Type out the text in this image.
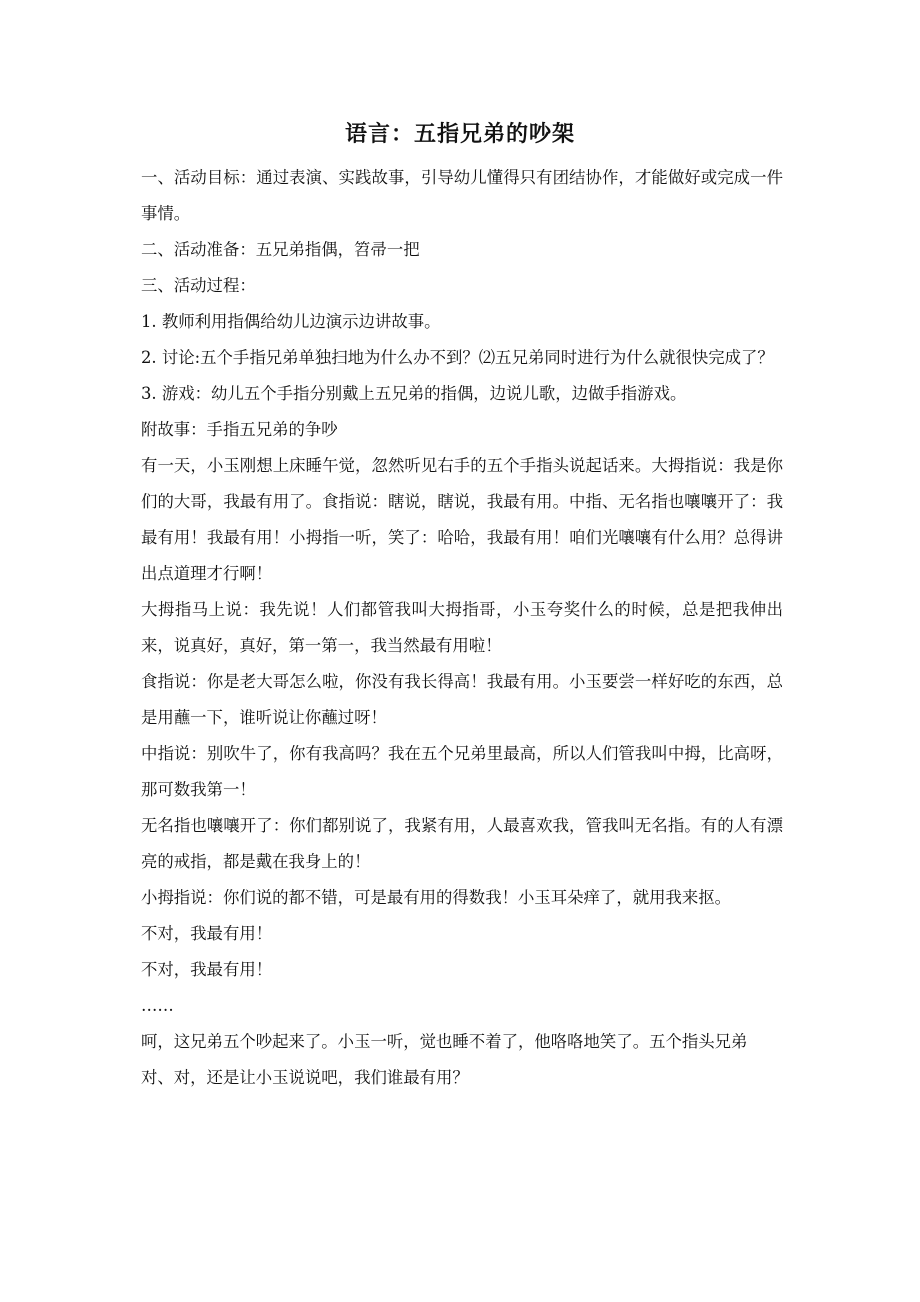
语言：五指兄弟的吵架

一、活动目标：通过表演、实践故事，引导幼儿懂得只有团结协作，才能做好或完成一件事情。

二、活动准备：五兄弟指偶，笤帚一把

三、活动过程：

1. 教师利用指偶给幼儿边演示边讲故事。

2. 讨论:五个手指兄弟单独扫地为什么办不到？⑵五兄弟同时进行为什么就很快完成了？

3. 游戏：幼儿五个手指分别戴上五兄弟的指偶，边说儿歌，边做手指游戏。

附故事：手指五兄弟的争吵

有一天，小玉刚想上床睡午觉，忽然听见右手的五个手指头说起话来。大拇指说：我是你们的大哥，我最有用了。食指说：瞎说，瞎说，我最有用。中指、无名指也嚷嚷开了：我最有用！我最有用！小拇指一听，笑了：哈哈，我最有用！咱们光嚷嚷有什么用？总得讲出点道理才行啊！

大拇指马上说：我先说！人们都管我叫大拇指哥，小玉夸奖什么的时候，总是把我伸出来，说真好，真好，第一第一，我当然最有用啦！

食指说：你是老大哥怎么啦，你没有我长得高！我最有用。小玉要尝一样好吃的东西，总是用蘸一下，谁听说让你蘸过呀！

中指说：别吹牛了，你有我高吗？我在五个兄弟里最高，所以人们管我叫中拇，比高呀，那可数我第一！

无名指也嚷嚷开了：你们都别说了，我紧有用，人最喜欢我，管我叫无名指。有的人有漂亮的戒指，都是戴在我身上的！

小拇指说：你们说的都不错，可是最有用的得数我！小玉耳朵痒了，就用我来抠。

不对，我最有用！

不对，我最有用！

……

呵，这兄弟五个吵起来了。小玉一听，觉也睡不着了，他咯咯地笑了。五个指头兄弟

对、对，还是让小玉说说吧，我们谁最有用？
